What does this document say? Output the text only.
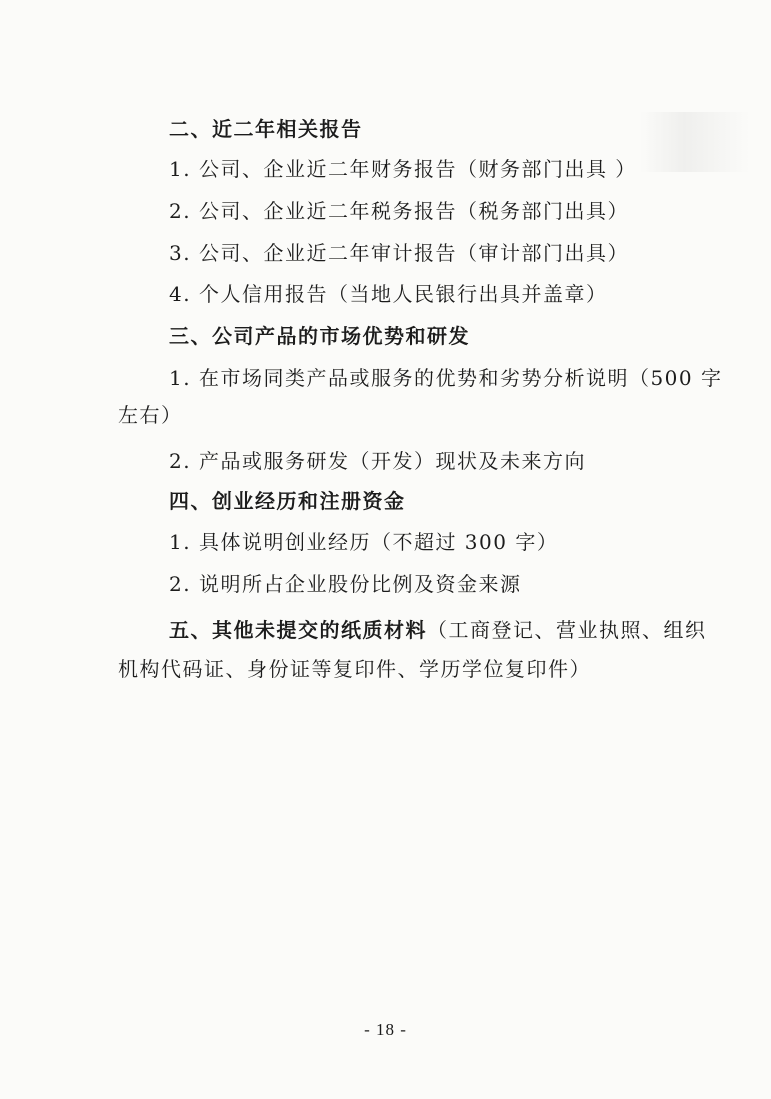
二、近二年相关报告
1. 公司、企业近二年财务报告（财务部门出具 ）
2. 公司、企业近二年税务报告（税务部门出具）
3. 公司、企业近二年审计报告（审计部门出具）
4. 个人信用报告（当地人民银行出具并盖章）
三、公司产品的市场优势和研发
1. 在市场同类产品或服务的优势和劣势分析说明（500 字
左右）
2. 产品或服务研发（开发）现状及未来方向
四、创业经历和注册资金
1. 具体说明创业经历（不超过 300 字）
2. 说明所占企业股份比例及资金来源
五、其他未提交的纸质材料（工商登记、营业执照、组织
机构代码证、身份证等复印件、学历学位复印件）
- 18 -
